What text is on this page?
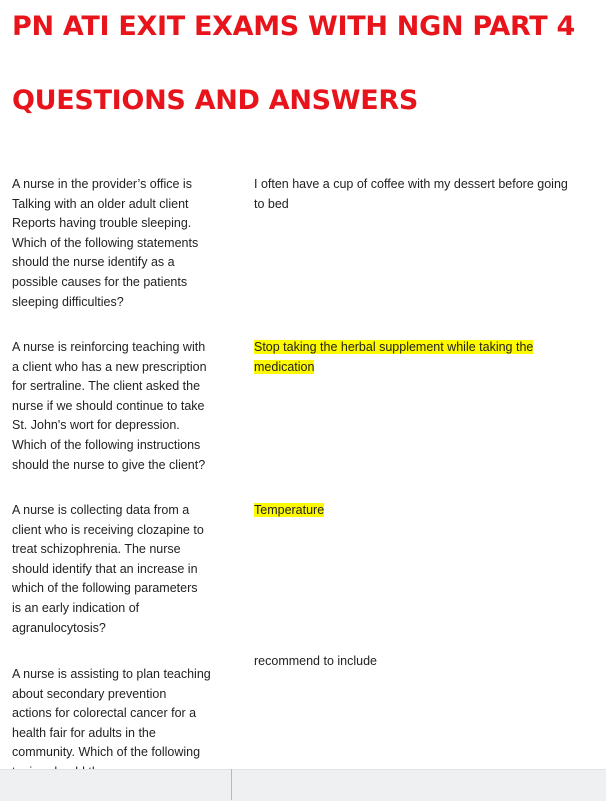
PN ATI EXIT EXAMS WITH NGN PART 4
QUESTIONS AND ANSWERS
A nurse in the provider’s office is
Talking with an older adult client
Reports having trouble sleeping.
Which of the following statements
should the nurse identify as a
possible causes for the patients
sleeping difficulties?
I often have a cup of coffee with my dessert before going
to bed
A nurse is reinforcing teaching with
a client who has a new prescription
for sertraline. The client asked the
nurse if we should continue to take
St. John's wort for depression.
Which of the following instructions
should the nurse to give the client?
Stop taking the herbal supplement while taking the
medication
A nurse is collecting data from a
client who is receiving clozapine to
treat schizophrenia. The nurse
should identify that an increase in
which of the following parameters
is an early indication of
agranulocytosis?
Temperature
A nurse is assisting to plan teaching
about secondary prevention
actions for colorectal cancer for a
health fair for adults in the
community. Which of the following
recommend to include
